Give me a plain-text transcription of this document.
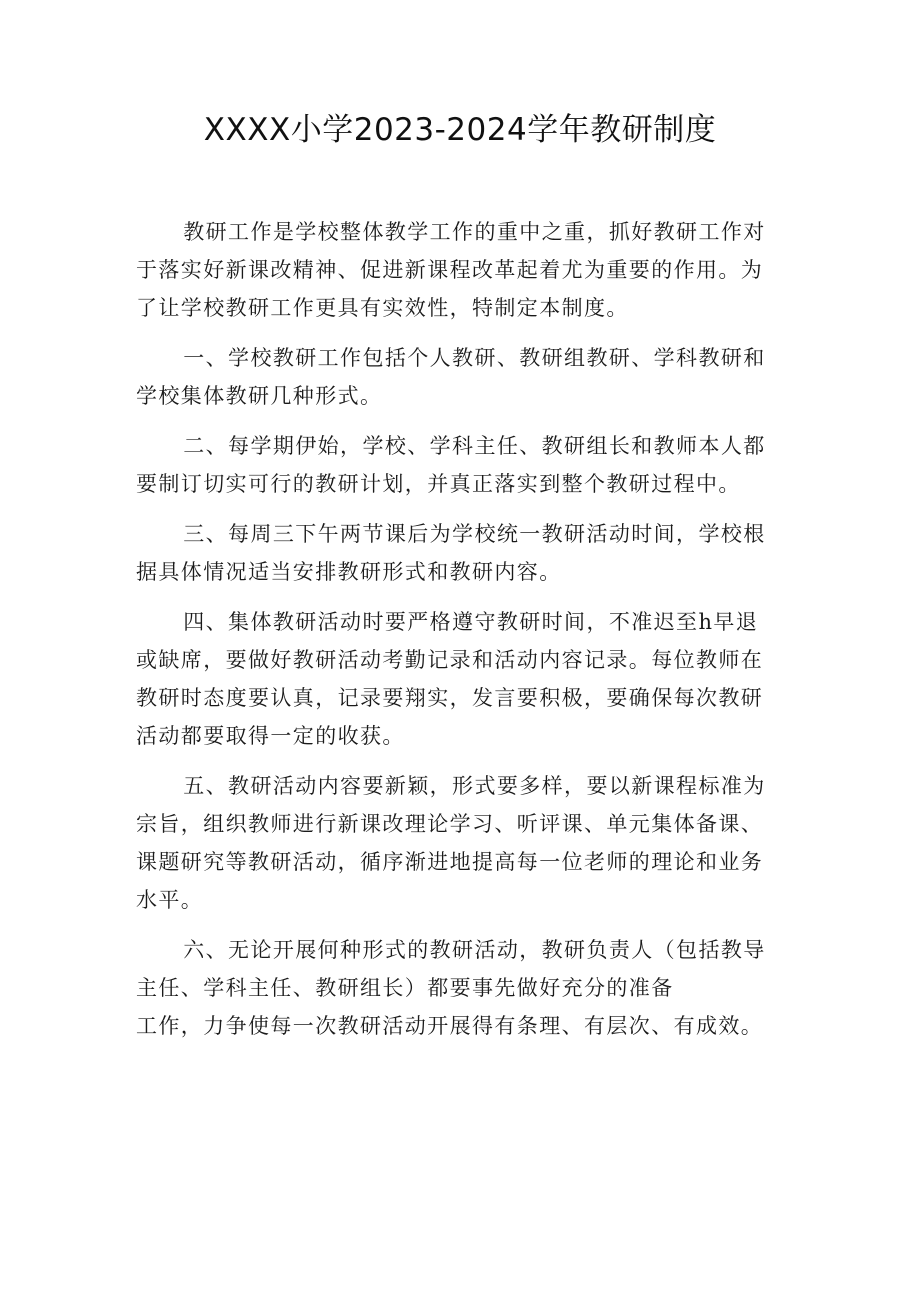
XXXX小学2023-2024学年教研制度

教研工作是学校整体教学工作的重中之重，抓好教研工作对
于落实好新课改精神、促进新课程改革起着尤为重要的作用。为
了让学校教研工作更具有实效性，特制定本制度。

一、学校教研工作包括个人教研、教研组教研、学科教研和
学校集体教研几种形式。

二、每学期伊始，学校、学科主任、教研组长和教师本人都
要制订切实可行的教研计划，并真正落实到整个教研过程中。

三、每周三下午两节课后为学校统一教研活动时间，学校根
据具体情况适当安排教研形式和教研内容。

四、集体教研活动时要严格遵守教研时间，不准迟至h早退
或缺席，要做好教研活动考勤记录和活动内容记录。每位教师在
教研时态度要认真，记录要翔实，发言要积极，要确保每次教研
活动都要取得一定的收获。

五、教研活动内容要新颖，形式要多样，要以新课程标准为
宗旨，组织教师进行新课改理论学习、听评课、单元集体备课、
课题研究等教研活动，循序渐进地提高每一位老师的理论和业务
水平。

六、无论开展何种形式的教研活动，教研负责人（包括教导
主任、学科主任、教研组长）都要事先做好充分的准备
工作，力争使每一次教研活动开展得有条理、有层次、有成效。
